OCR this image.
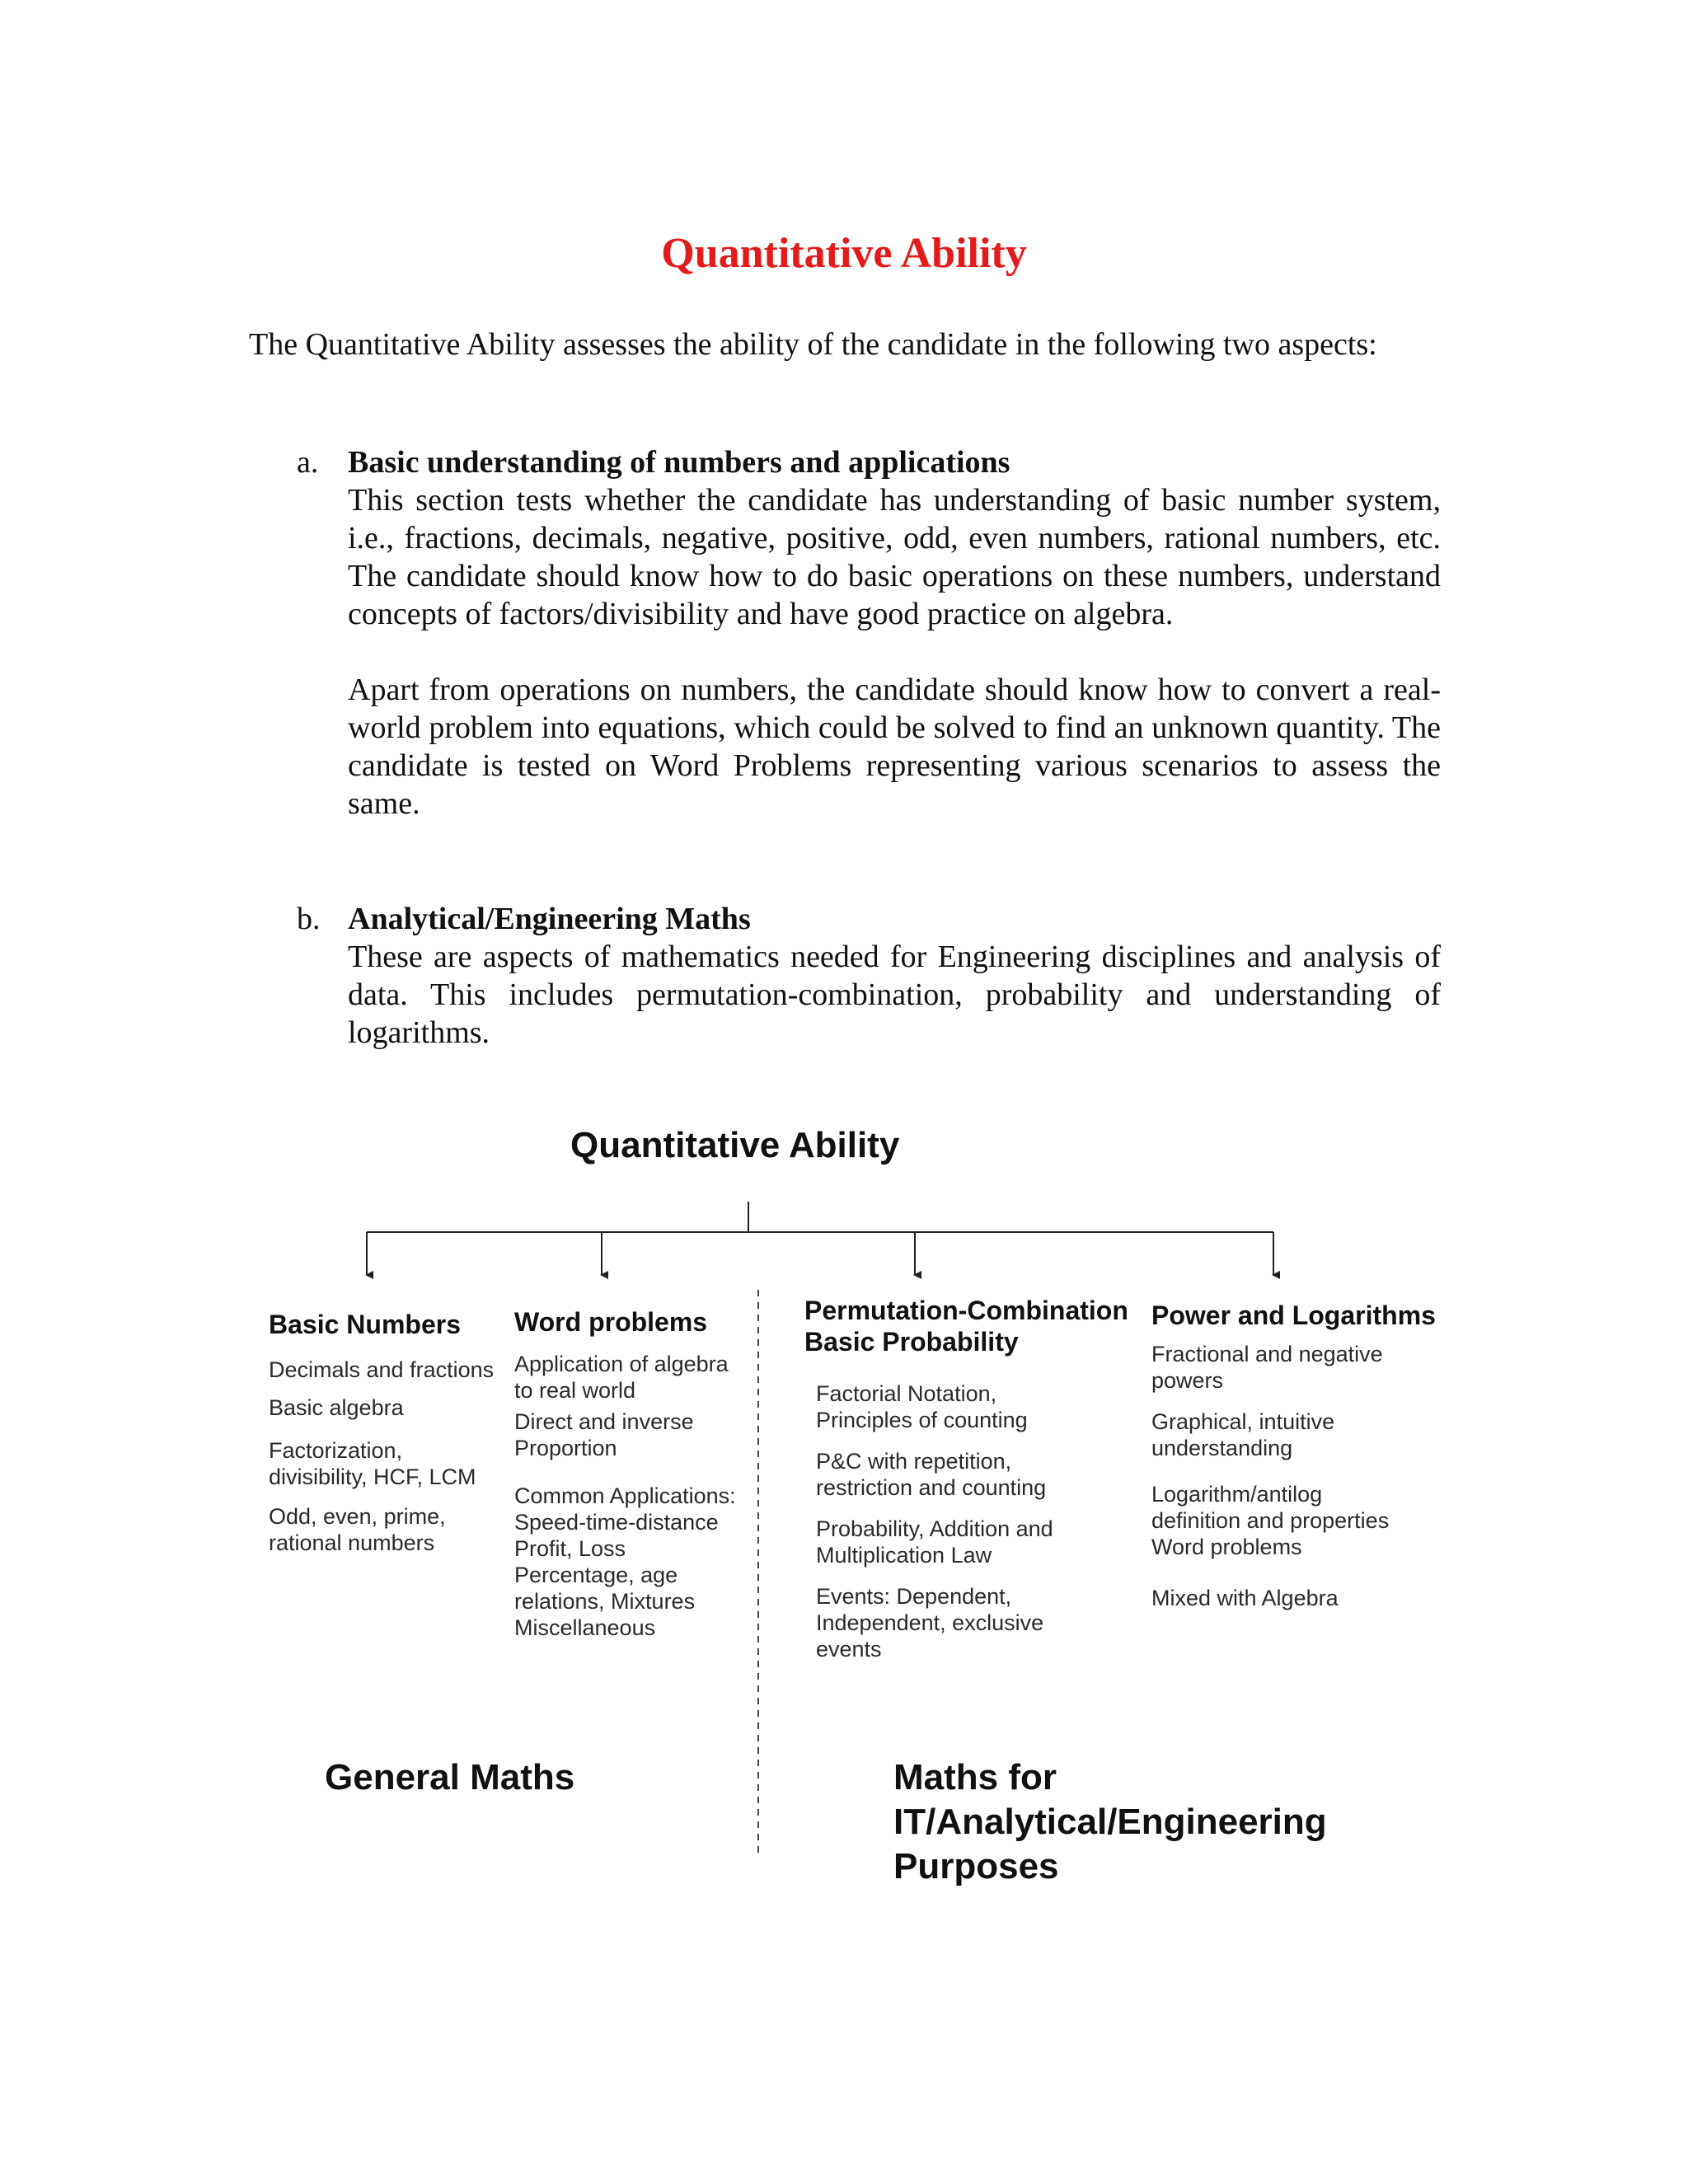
Quantitative Ability

The Quantitative Ability assesses the ability of the candidate in the following two aspects:

a. Basic understanding of numbers and applications

This section tests whether the candidate has understanding of basic number system, i.e., fractions, decimals, negative, positive, odd, even numbers, rational numbers, etc. The candidate should know how to do basic operations on these numbers, understand concepts of factors/divisibility and have good practice on algebra.

Apart from operations on numbers, the candidate should know how to convert a real-world problem into equations, which could be solved to find an unknown quantity. The candidate is tested on Word Problems representing various scenarios to assess the same.

b. Analytical/Engineering Maths

These are aspects of mathematics needed for Engineering disciplines and analysis of data. This includes permutation-combination, probability and understanding of logarithms.

Quantitative Ability
Basic Numbers
Decimals and fractions
Basic algebra
Factorization,
divisibility, HCF, LCM
Odd, even, prime,
rational numbers
Word problems
Application of algebra
to real world
Direct and inverse
Proportion
Common Applications:
Speed-time-distance
Profit, Loss
Percentage, age
relations, Mixtures
Miscellaneous
Permutation-Combination
Basic Probability
Factorial Notation,
Principles of counting
P&C with repetition,
restriction and counting
Probability, Addition and
Multiplication Law
Events: Dependent,
Independent, exclusive
events
Power and Logarithms
Fractional and negative
powers
Graphical, intuitive
understanding
Logarithm/antilog
definition and properties
Word problems
Mixed with Algebra
General Maths	Maths for
IT/Analytical/Engineering
Purposes
